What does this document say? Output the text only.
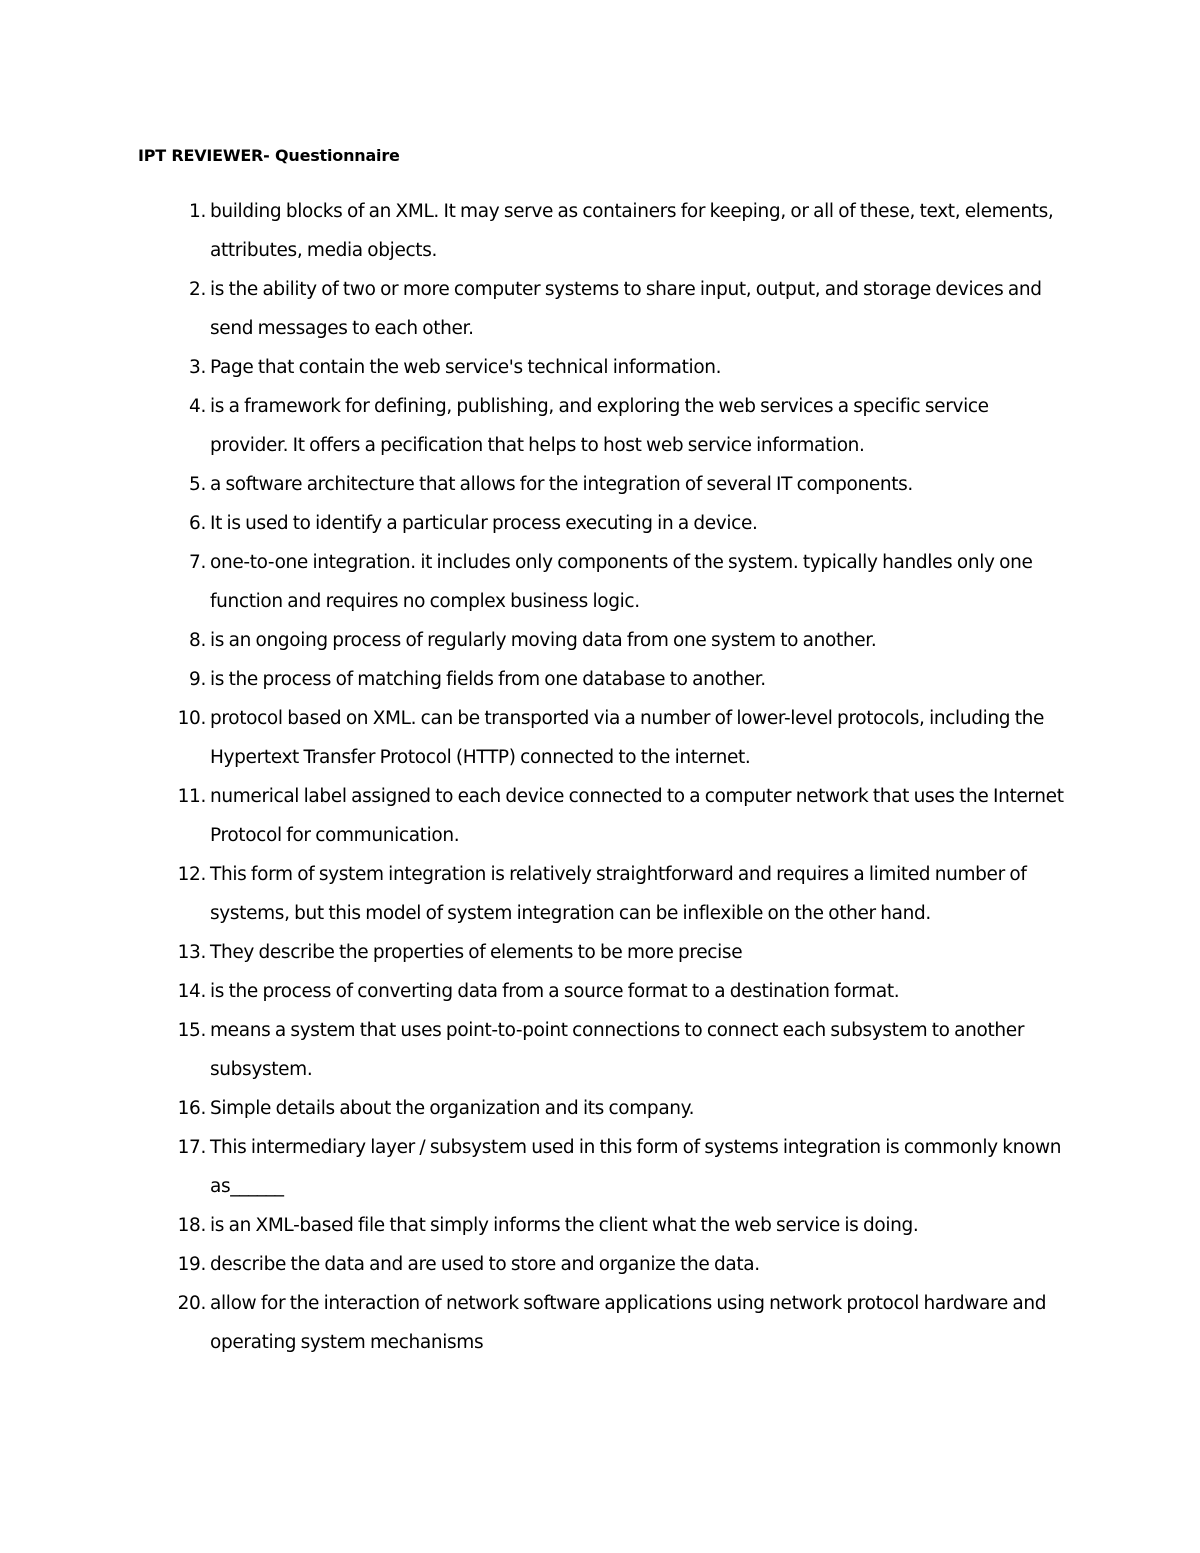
IPT REVIEWER- Questionnaire
1. building blocks of an XML. It may serve as containers for keeping, or all of these, text, elements, attributes, media objects.
2. is the ability of two or more computer systems to share input, output, and storage devices and send messages to each other.
3. Page that contain the web service's technical information.
4. is a framework for defining, publishing, and exploring the web services a specific service provider. It offers a pecification that helps to host web service information.
5. a software architecture that allows for the integration of several IT components.
6. It is used to identify a particular process executing in a device.
7. one-to-one integration. it includes only components of the system. typically handles only one function and requires no complex business logic.
8. is an ongoing process of regularly moving data from one system to another.
9. is the process of matching fields from one database to another.
10. protocol based on XML. can be transported via a number of lower-level protocols, including the Hypertext Transfer Protocol (HTTP) connected to the internet.
11. numerical label assigned to each device connected to a computer network that uses the Internet Protocol for communication.
12. This form of system integration is relatively straightforward and requires a limited number of systems, but this model of system integration can be inflexible on the other hand.
13. They describe the properties of elements to be more precise
14. is the process of converting data from a source format to a destination format.
15. means a system that uses point-to-point connections to connect each subsystem to another subsystem.
16. Simple details about the organization and its company.
17. This intermediary layer / subsystem used in this form of systems integration is commonly known as______
18. is an XML-based file that simply informs the client what the web service is doing.
19. describe the data and are used to store and organize the data.
20. allow for the interaction of network software applications using network protocol hardware and operating system mechanisms
